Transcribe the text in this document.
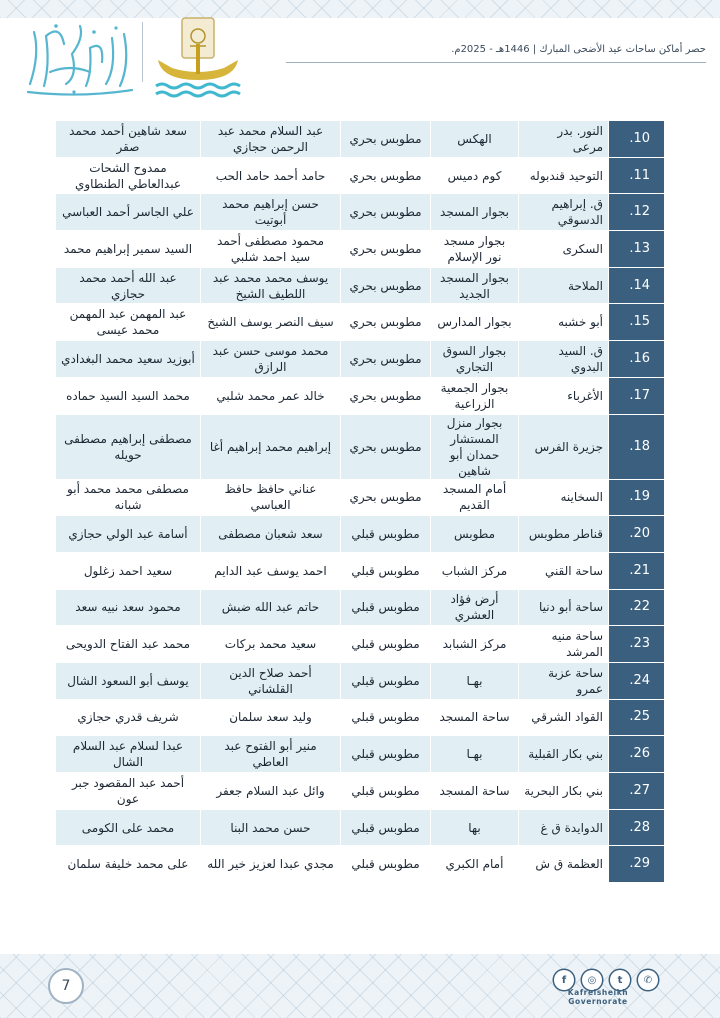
حصر أماكن ساحات عيد الأضحى المبارك | 1446هـ - 2025م.
10.	النور. بدر مرعى	الهكس	مطوبس بحري	عبد السلام محمد عبد الرحمن حجازي	سعد شاهين أحمد محمد صقر
11.	التوحيد قندبوله	كوم دميس	مطوبس بحري	حامد أحمد حامد الحب	ممدوح الشحات عبدالعاطي الطنطاوي
12.	ق. إبراهيم الدسوقي	بجوار المسجد	مطوبس بحري	حسن إبراهيم محمد أبوتيت	علي الجاسر أحمد العباسي
13.	السكرى	بجوار مسجد نور الإسلام	مطوبس بحري	محمود مصطفى أحمد سيد احمد شلبي	السيد سمير إبراهيم محمد
14.	الملاحة	بجوار المسجد الجديد	مطوبس بحري	يوسف محمد محمد عبد اللطيف الشيخ	عبد الله أحمد محمد حجازي
15.	أبو خشبه	بجوار المدارس	مطوبس بحري	سيف النصر يوسف الشيخ	عبد المهمن عبد المهمن محمد عيسى
16.	ق. السيد البدوي	بجوار السوق التجاري	مطوبس بحري	محمد موسى حسن عبد الرازق	أبوزيد سعيد محمد البغدادي
17.	الأغرباء	بجوار الجمعية الزراعية	مطوبس بحري	خالد عمر محمد شلبي	محمد السيد السيد حماده
18.	جزيرة الفرس	بجوار منزل المستشار حمدان أبو شاهين	مطوبس بحري	إبراهيم محمد إبراهيم أغا	مصطفى إبراهيم مصطفى حويله
19.	السخاينه	أمام المسجد القديم	مطوبس بحري	عناني حافظ حافظ العباسي	مصطفى محمد محمد أبو شبانه
20.	قناطر مطوبس	مطوبس	مطوبس قبلي	سعد شعبان مصطفى	أسامة عبد الولي حجازي
21.	ساحة القني	مركز الشباب	مطوبس قبلي	احمد يوسف عبد الدايم	سعيد احمد زغلول
22.	ساحة أبو دنيا	أرض فؤاد العشري	مطوبس قبلي	حاتم عبد الله ضبش	محمود سعد نبيه سعد
23.	ساحة منيه المرشد	مركز الشبابد	مطوبس قبلي	سعيد محمد بركات	محمد عبد الفتاح الدويحى
24.	ساحة عزبة عمرو	بهـا	مطوبس قبلي	أحمد صلاح الدين القلشاني	يوسف أبو السعود الشال
25.	القواد الشرقي	ساحة المسجد	مطوبس قبلي	وليد سعد سلمان	شريف قدري حجازي
26.	بني بكار القبلية	بهـا	مطوبس قبلي	منير أبو الفتوح عبد العاطي	عبدا لسلام عبد السلام الشال
27.	بني بكار البحرية	ساحة المسجد	مطوبس قبلي	وائل عبد السلام جعفر	أحمد عبد المقصود جبر عون
28.	الدوايدة ق غ	بها	مطوبس قبلي	حسن محمد البنا	محمد على الكومى
29.	العظمة ق ش	أمام الكبري	مطوبس قبلي	مجدي عبدا لعزيز خير الله	على محمد خليفة سلمان
7	f	◎	t	✆
Kafrelsheikh Governorate
